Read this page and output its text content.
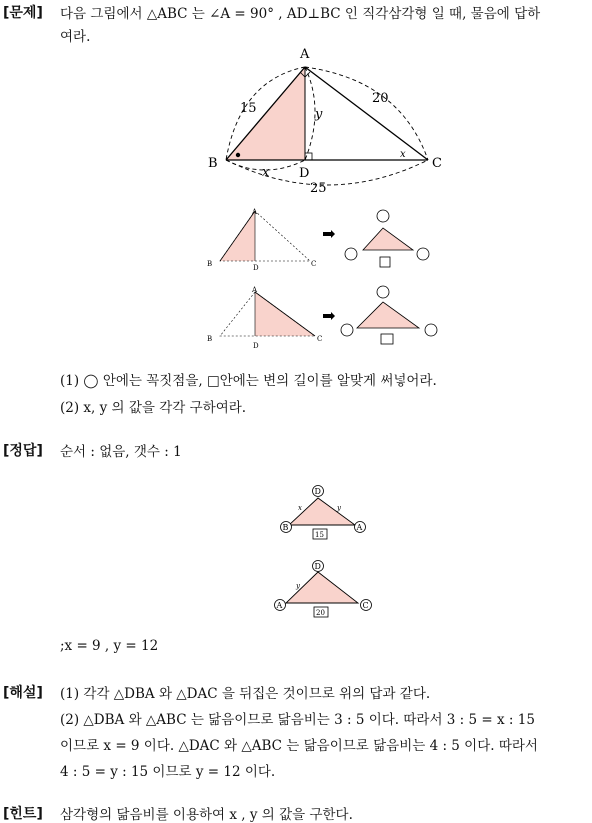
[문제] 다음 그림에서 △ABC 는 ∠A = 90° , AD⊥BC 인 직각삼각형 일 때, 물음에 답하
여라.
A
B	C
D
15
20
25
x
y
x
A
B	C
D
A
B	C
D
(1) ◯ 안에는 꼭짓점을, □안에는 변의 길이를 알맞게 써넣어라.
(2) x, y 의 값을 각각 구하여라.
[정답] 순서 : 없음, 갯수 : 1
D
B	A
x	y
15
D
A	C
y
20
;x = 9 , y = 12
[해설] (1) 각각 △DBA 와 △DAC 을 뒤집은 것이므로 위의 답과 같다.
(2) △DBA 와 △ABC 는 닮음이므로 닮음비는 3 : 5 이다. 따라서 3 : 5 = x : 15
이므로 x = 9 이다. △DAC 와 △ABC 는 닮음이므로 닮음비는 4 : 5 이다. 따라서
4 : 5 = y : 15 이므로 y = 12 이다.
[힌트] 삼각형의 닮음비를 이용하여 x , y 의 값을 구한다.
